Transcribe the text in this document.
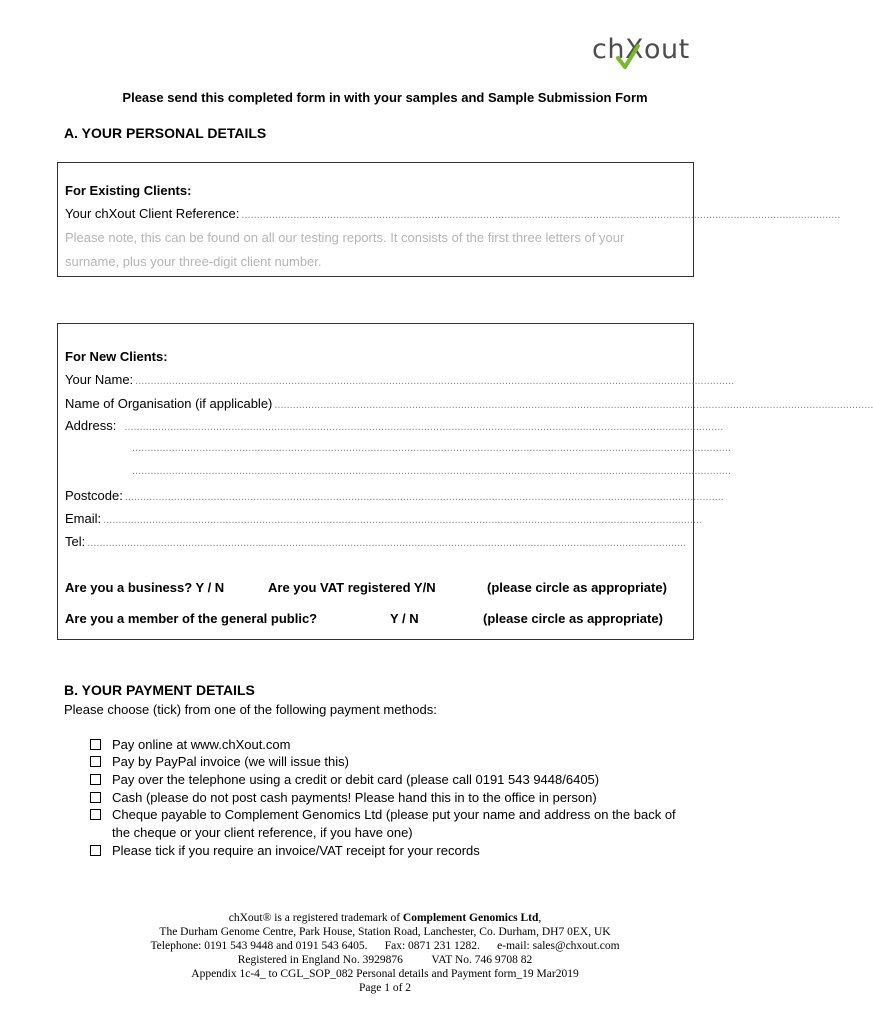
chXout
Please send this completed form in with your samples and Sample Submission Form
A. YOUR PERSONAL DETAILS
For Existing Clients:
Your chXout Client Reference: ....................................................................................................................................................................................................
Please note, this can be found on all our testing reports. It consists of the first three letters of your
surname, plus your three-digit client number.
For New Clients:
Your Name: ....................................................................................................................................................................................................
Name of Organisation (if applicable) ....................................................................................................................................................................................................
Address: ....................................................................................................................................................................................................
....................................................................................................................................................................................................
....................................................................................................................................................................................................
Postcode: ....................................................................................................................................................................................................
Email: ....................................................................................................................................................................................................
Tel: ....................................................................................................................................................................................................
Are you a business? Y / N	Are you VAT registered Y/N	(please circle as appropriate)
Are you a member of the general public?	Y / N	(please circle as appropriate)
B. YOUR PAYMENT DETAILS
Please choose (tick) from one of the following payment methods:
Pay online at www.chXout.com
Pay by PayPal invoice (we will issue this)
Pay over the telephone using a credit or debit card (please call 0191 543 9448/6405)
Cash (please do not post cash payments! Please hand this in to the office in person)
Cheque payable to Complement Genomics Ltd (please put your name and address on the back of the cheque or your client reference, if you have one)
Please tick if you require an invoice/VAT receipt for your records
chXout® is a registered trademark of Complement Genomics Ltd,
The Durham Genome Centre, Park House, Station Road, Lanchester, Co. Durham, DH7 0EX, UK
Telephone: 0191 543 9448 and 0191 543 6405.      Fax: 0871 231 1282.      e-mail: sales@chxout.com
Registered in England No. 3929876          VAT No. 746 9708 82
Appendix 1c-4_ to CGL_SOP_082 Personal details and Payment form_19 Mar2019
Page 1 of 2
